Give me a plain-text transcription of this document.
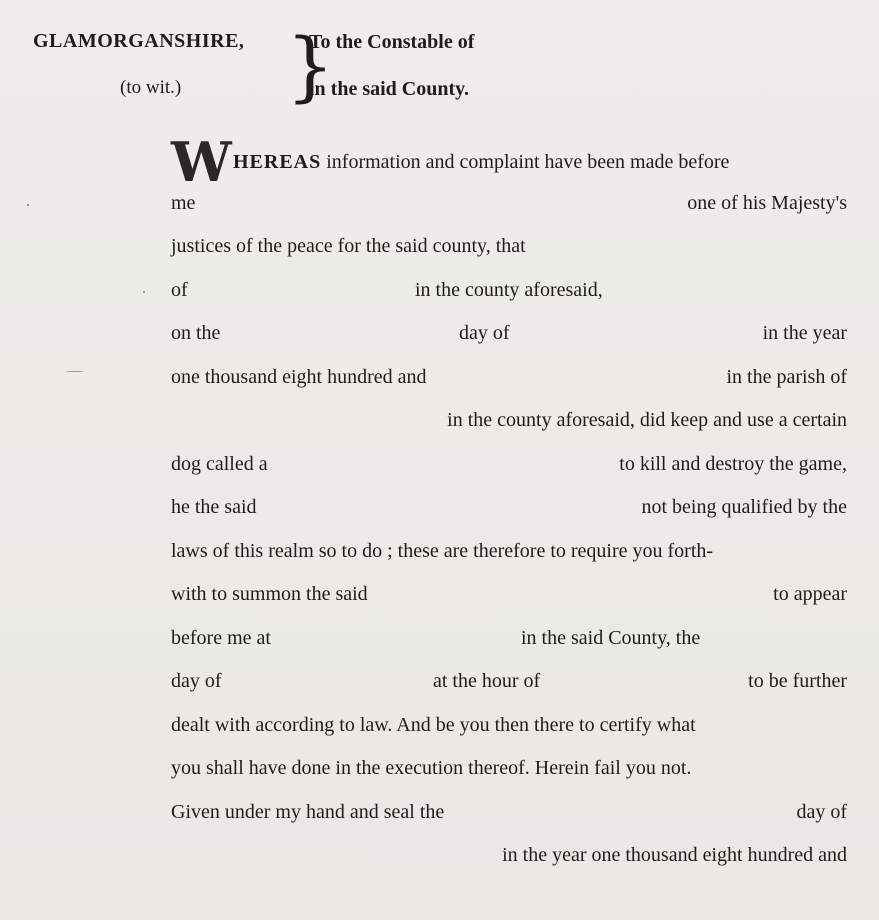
GLAMORGANSHIRE,
(to wit.) }
To the Constable of
in the said County.
W HEREAS information and complaint have been made before
me	one of his Majesty's
justices of the peace for the said county, that
of	in the county aforesaid,
on the	day of	in the year
one thousand eight hundred and	in the parish of
in the county aforesaid, did keep and use a certain
dog called a	to kill and destroy the game,
he the said	not being qualified by the
laws of this realm so to do ; these are therefore to require you forth-
with to summon the said	to appear
before me at	in the said County, the
day of	at the hour of	to be further
dealt with according to law. And be you then there to certify what
you shall have done in the execution thereof. Herein fail you not.
Given under my hand and seal the	day of
in the year one thousand eight hundred and
